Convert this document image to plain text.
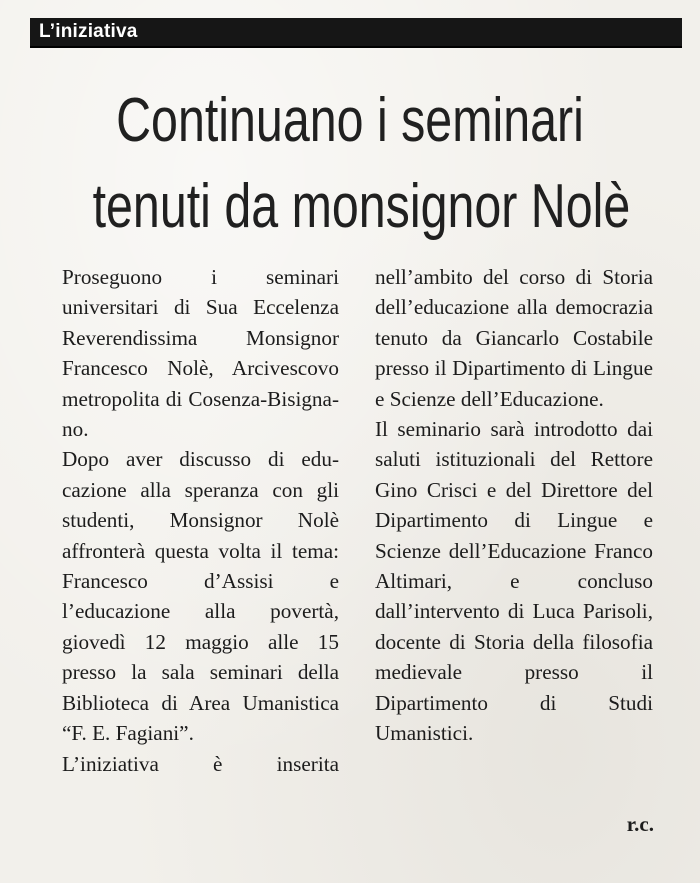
L’iniziativa
Continuano i seminari
tenuti da monsignor Nolè

Proseguono i seminari universitari di Sua Eccelenza Reverendissima Monsignor Francesco Nolè, Arcivescovo metropolita di Cosenza-Bisignano.

Dopo aver discusso di educazione alla speranza con gli studenti, Monsignor Nolè affronterà questa volta il tema: Francesco d’Assisi e l’educazione alla povertà, giovedì 12 maggio alle 15 presso la sala seminari della Biblioteca di Area Umanistica “F. E. Fagiani”.

L’iniziativa è inserita

nell’ambito del corso di Storia dell’educazione alla democrazia tenuto da Giancarlo Costabile presso il Dipartimento di Lingue e Scienze dell’Educazione.

Il seminario sarà introdotto dai saluti istituzionali del Rettore Gino Crisci e del Direttore del Dipartimento di Lingue e Scienze dell’Educazione Franco Altimari, e concluso dall’intervento di Luca Parisoli, docente di Storia della filosofia medievale presso il Dipartimento di Studi Umanistici.

r.c.
